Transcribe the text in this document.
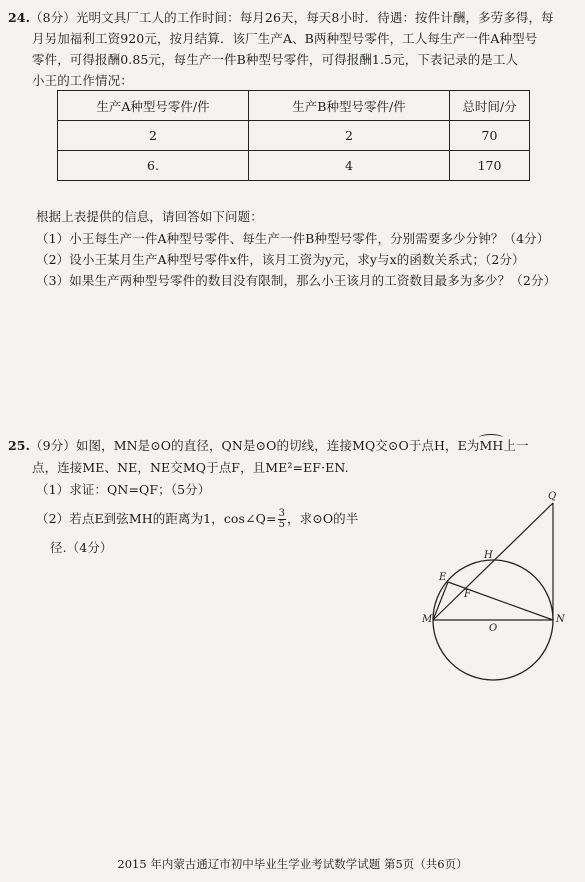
24.（8分）光明文具厂工人的工作时间：每月26天，每天8小时．待遇：按件计酬，多劳多得，每
月另加福利工资920元，按月结算．该厂生产A、B两种型号零件，工人每生产一件A种型号
零件，可得报酬0.85元，每生产一件B种型号零件，可得报酬1.5元，下表记录的是工人
小王的工作情况：
生产A种型号零件/件	生产B种型号零件/件	总时间/分
2	2	70
6.	4	170
根据上表提供的信息，请回答如下问题：
（1）小王每生产一件A种型号零件、每生产一件B种型号零件，分别需要多少分钟？（4分）
（2）设小王某月生产A种型号零件x件，该月工资为y元，求y与x的函数关系式；（2分）
（3）如果生产两种型号零件的数目没有限制，那么小王该月的工资数目最多为多少？（2分）
25.（9分）如图，MN是⊙O的直径，QN是⊙O的切线，连接MQ交⊙O于点H，E为MH上一
点，连接ME、NE，NE交MQ于点F，且ME²=EF·EN.
（1）求证：QN=QF；（5分）
（2）若点E到弦MH的距离为1，cos∠Q= $\frac{3}{5}$ ，求⊙O的半
径.（4分）
Q
H
E
F
M
O
N
2015 年内蒙古通辽市初中毕业生学业考试数学试题 第5页（共6页）
